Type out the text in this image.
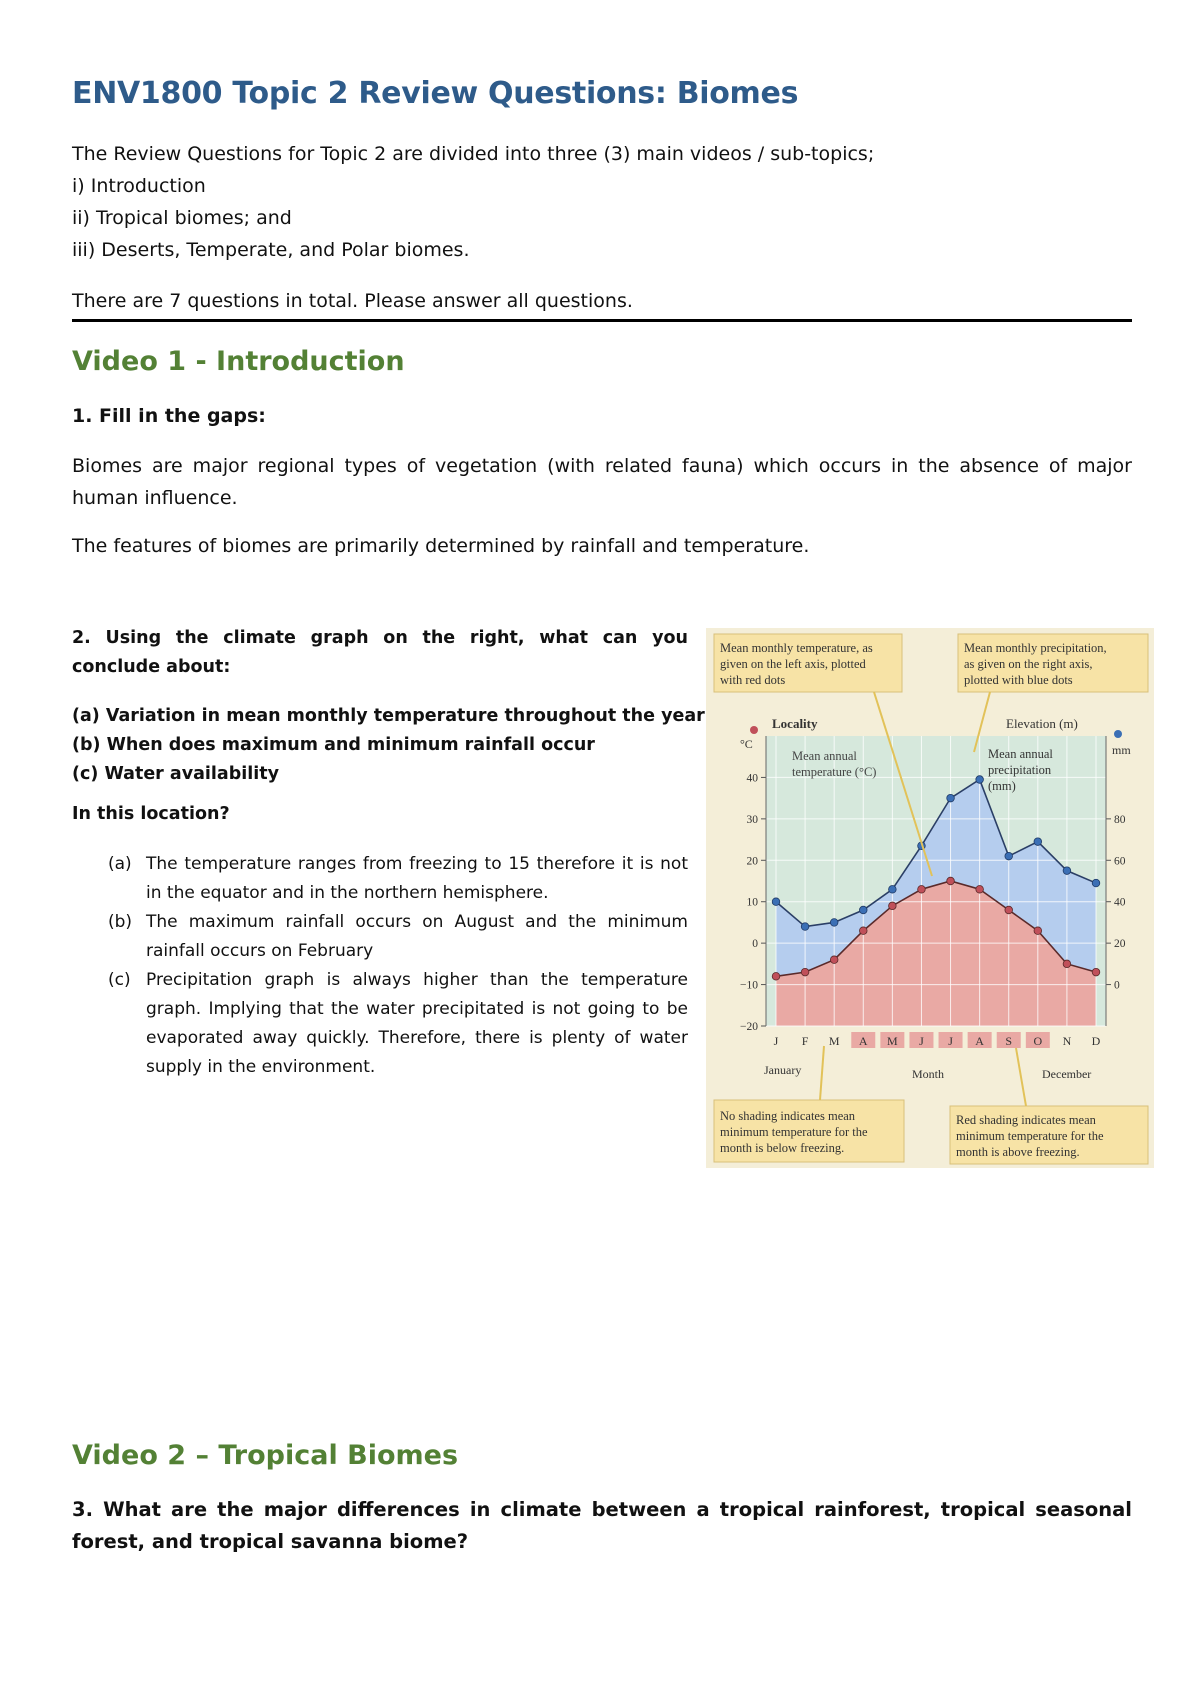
ENV1800 Topic 2 Review Questions: Biomes
The Review Questions for Topic 2 are divided into three (3) main videos / sub-topics;
i) Introduction
ii) Tropical biomes; and
iii) Deserts, Temperate, and Polar biomes.
There are 7 questions in total. Please answer all questions.
Video 1 - Introduction
1. Fill in the gaps:
Biomes are major regional types of vegetation (with related fauna) which occurs in the absence of major human influence.
The features of biomes are primarily determined by rainfall and temperature.
2. Using the climate graph on the right, what can you conclude about:
(a) Variation in mean monthly temperature throughout the year
(b) When does maximum and minimum rainfall occur
(c) Water availability
In this location?
(a) The temperature ranges from freezing to 15 therefore it is not in the equator and in the northern hemisphere.
(b) The maximum rainfall occurs on August and the minimum rainfall occurs on February
(c) Precipitation graph is always higher than the temperature graph. Implying that the water precipitated is not going to be evaporated away quickly. Therefore, there is plenty of water supply in the environment.
−20
−10
0
10
20
30
40
0
20
40
60
80
°C
Locality	Elevation (m)
mm
Mean annual
temperature (°C)
Mean annual
precipitation
(mm)
J F M A M J J A S O N D
January	Month	December
Mean monthly temperature, as
given on the left axis, plotted
with red dots
Mean monthly precipitation,
as given on the right axis,
plotted with blue dots
No shading indicates mean
minimum temperature for the
month is below freezing.
Red shading indicates mean
minimum temperature for the
month is above freezing.
Video 2 – Tropical Biomes
3. What are the major differences in climate between a tropical rainforest, tropical seasonal forest, and tropical savanna biome?
